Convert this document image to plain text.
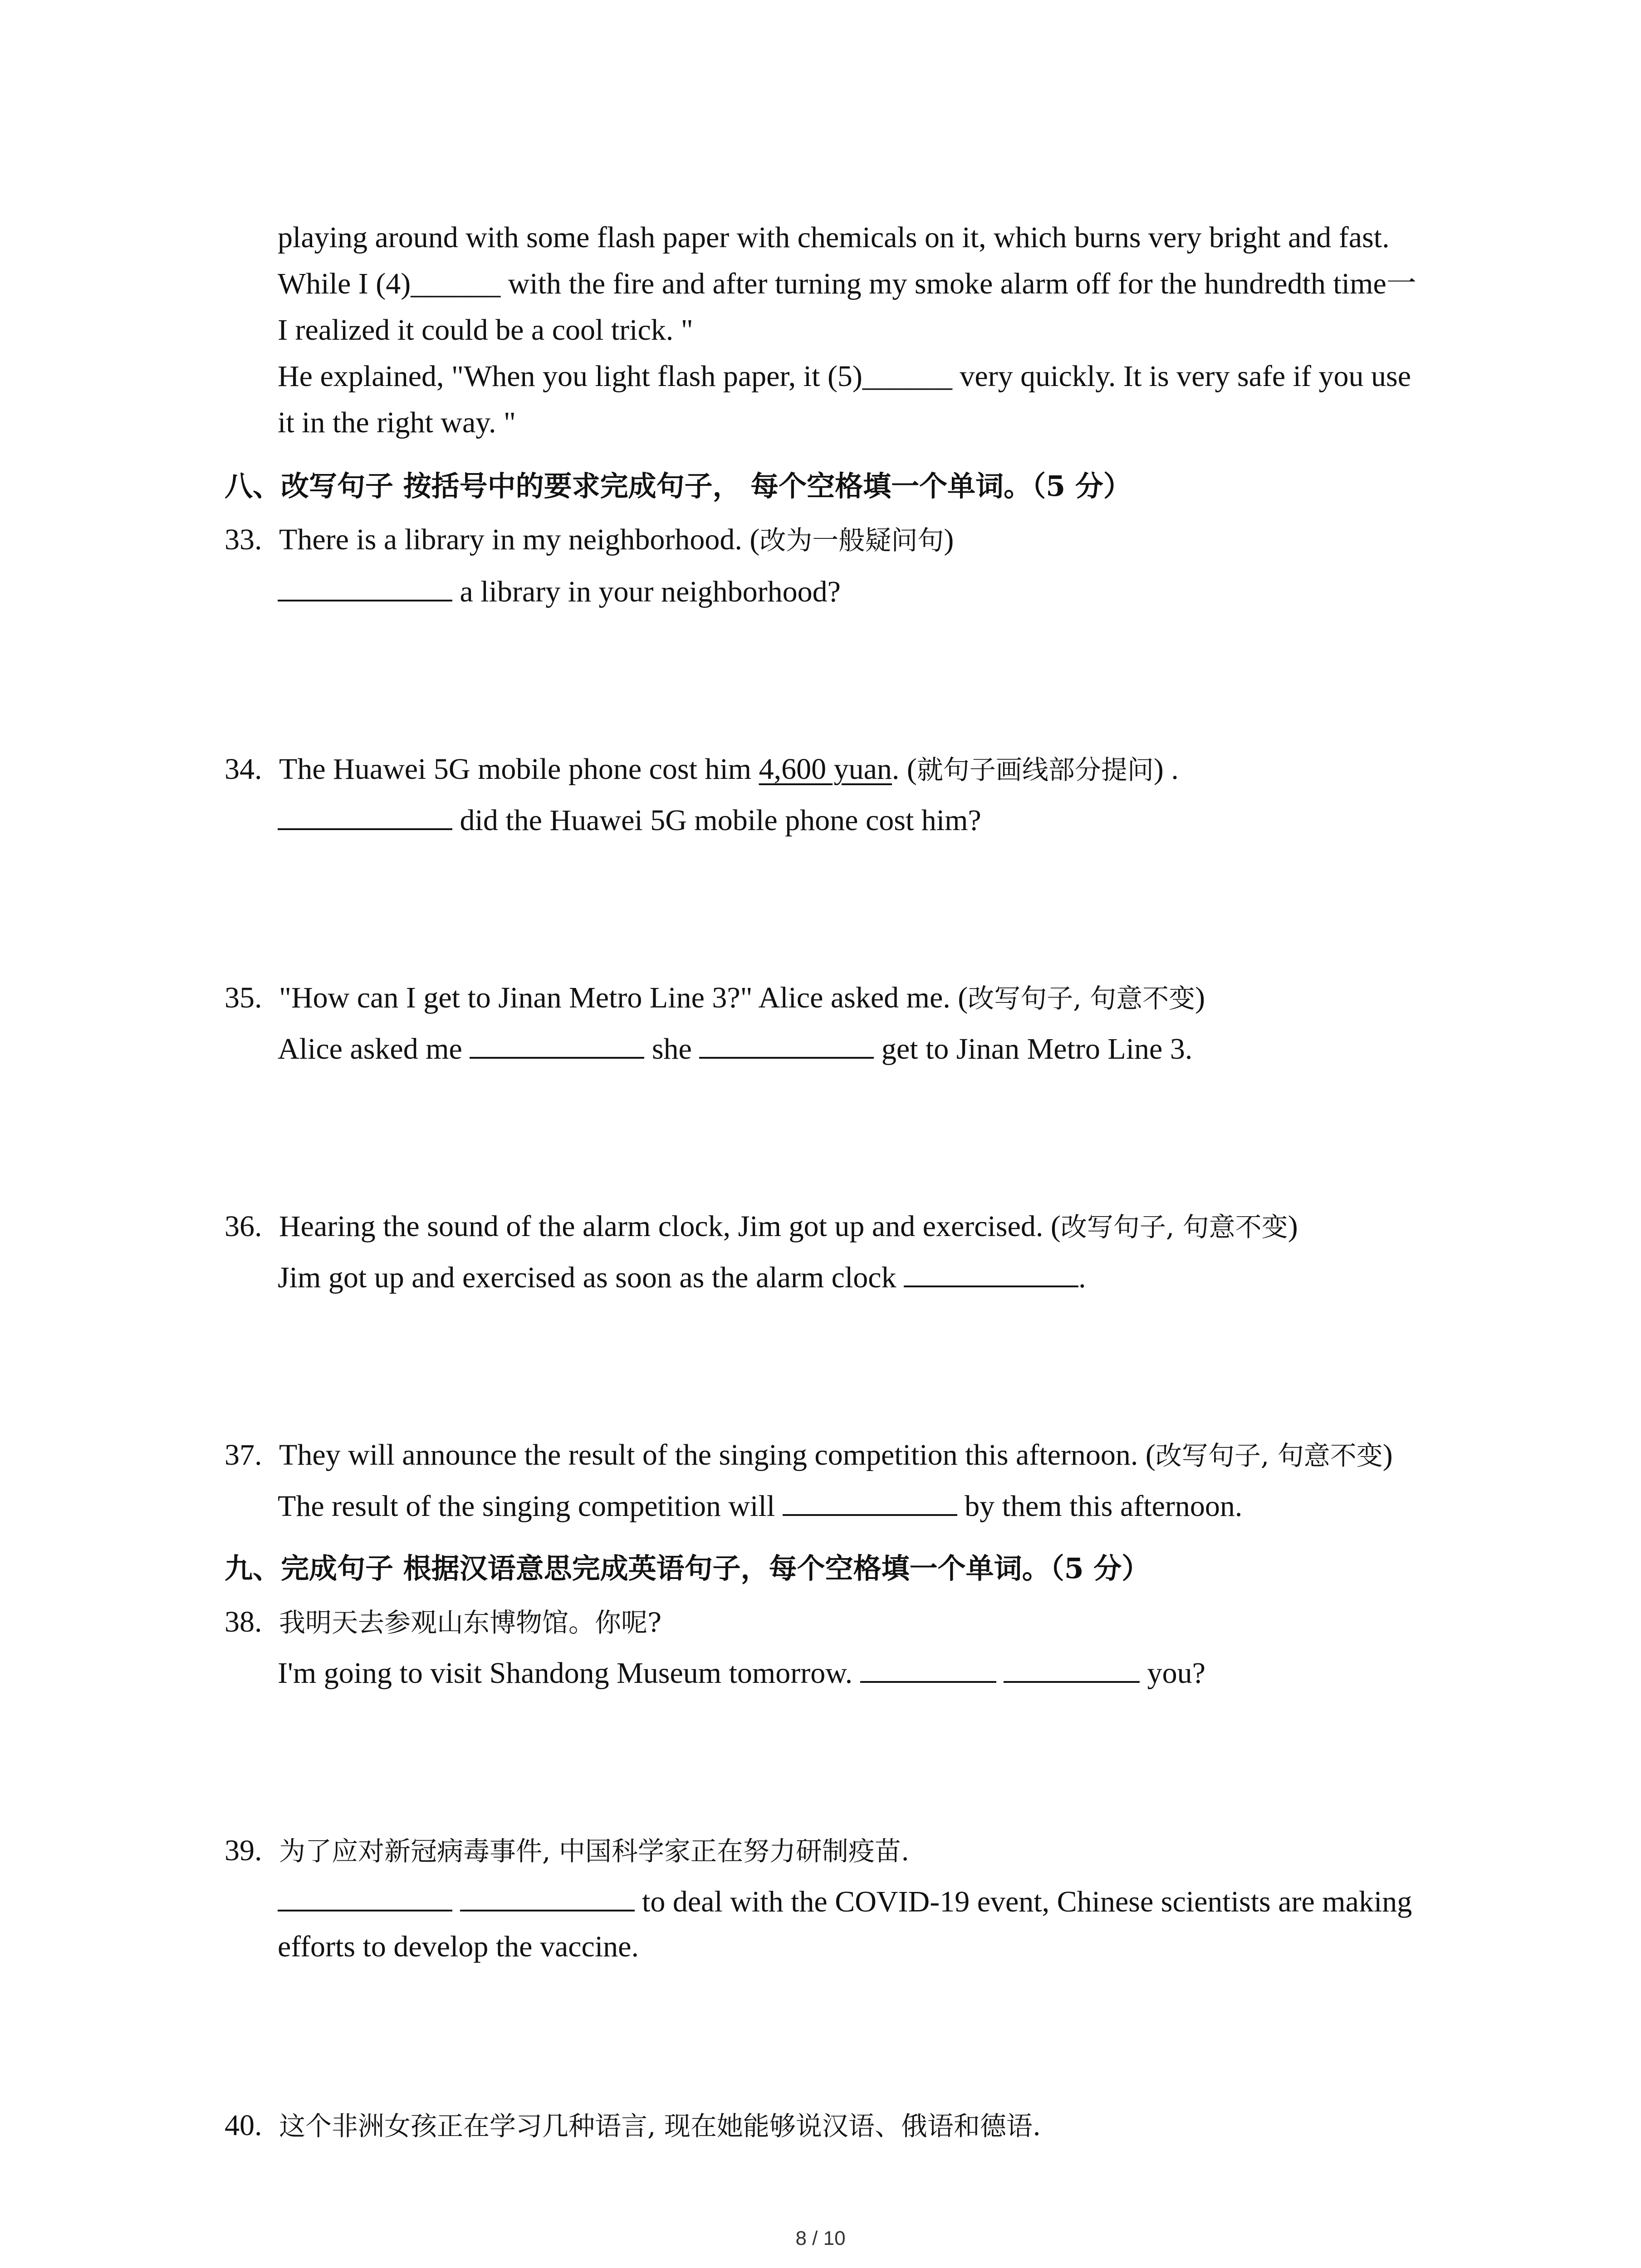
playing around with some flash paper with chemicals on it, which burns very bright and fast.
While I (4)______ with the fire and after turning my smoke alarm off for the hundredth time一
I realized it could be a cool trick. "
He explained, "When you light flash paper, it (5)______ very quickly. It is very safe if you use
it in the right way. "
八、改写句子 按括号中的要求完成句子， 每个空格填一个单词。（5 分）
33. There is a library in my neighborhood. (改为一般疑问句)
a library in your neighborhood?
34. The Huawei 5G mobile phone cost him 4,600 yuan. (就句子画线部分提问) .
did the Huawei 5G mobile phone cost him?
35. "How can I get to Jinan Metro Line 3?" Alice asked me. (改写句子, 句意不变)
Alice asked me	she	get to Jinan Metro Line 3.
36. Hearing the sound of the alarm clock, Jim got up and exercised. (改写句子, 句意不变)
Jim got up and exercised as soon as the alarm clock	.
37. They will announce the result of the singing competition this afternoon. (改写句子, 句意不变)
The result of the singing competition will	by them this afternoon.
九、完成句子 根据汉语意思完成英语句子，每个空格填一个单词。（5 分）
38. 我明天去参观山东博物馆。你呢?
I'm going to visit Shandong Museum tomorrow.	you?
39. 为了应对新冠病毒事件, 中国科学家正在努力研制疫苗.
to deal with the COVID-19 event, Chinese scientists are making
efforts to develop the vaccine.
40. 这个非洲女孩正在学习几种语言, 现在她能够说汉语、俄语和德语.
8 / 10
